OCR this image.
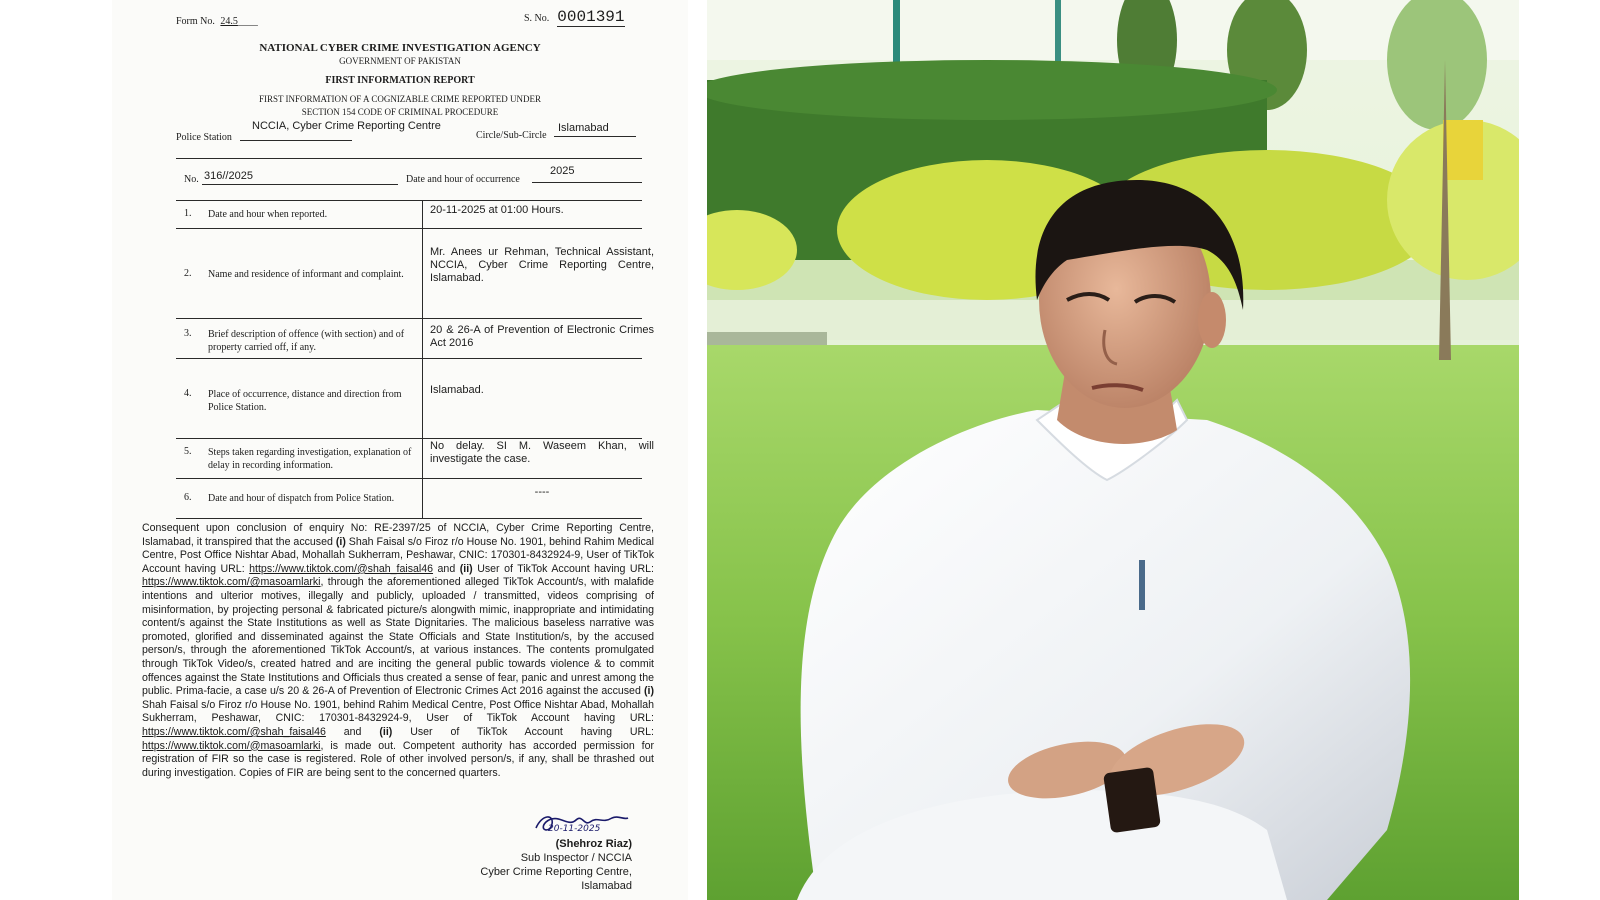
Form No. 24.5____	S. No. 0001391
NATIONAL CYBER CRIME INVESTIGATION AGENCY
GOVERNMENT OF PAKISTAN
FIRST INFORMATION REPORT
FIRST INFORMATION OF A COGNIZABLE CRIME REPORTED UNDER
SECTION 154 CODE OF CRIMINAL PROCEDURE
Police Station
NCCIA, Cyber Crime Reporting Centre
Circle/Sub-Circle
Islamabad
No. 316//2025	Date and hour of occurrence
2025
1. Date and hour when reported.	20-11-2025 at 01:00 Hours.
2. Name and residence of informant and complaint.
Mr. Anees ur Rehman, Technical Assistant, NCCIA, Cyber Crime Reporting Centre, Islamabad.
3. Brief description of offence (with section) and of property carried off, if any.
20 & 26-A of Prevention of Electronic Crimes Act 2016
4. Place of occurrence, distance and direction from Police Station.
Islamabad.
5. Steps taken regarding investigation, explanation of delay in recording information.
No delay. SI M. Waseem Khan, will investigate the case.
6. Date and hour of dispatch from Police Station.
----
Consequent upon conclusion of enquiry No: RE-2397/25 of NCCIA, Cyber Crime Reporting Centre, Islamabad, it transpired that the accused (i) Shah Faisal s/o Firoz r/o House No. 1901, behind Rahim Medical Centre, Post Office Nishtar Abad, Mohallah Sukherram, Peshawar, CNIC: 170301-8432924-9, User of TikTok Account having URL: https://www.tiktok.com/@shah_faisal46 and (ii) User of TikTok Account having URL: https://www.tiktok.com/@masoamlarki, through the aforementioned alleged TikTok Account/s, with malafide intentions and ulterior motives, illegally and publicly, uploaded / transmitted, videos comprising of misinformation, by projecting personal & fabricated picture/s alongwith mimic, inappropriate and intimidating content/s against the State Institutions as well as State Dignitaries. The malicious baseless narrative was promoted, glorified and disseminated against the State Officials and State Institution/s, by the accused person/s, through the aforementioned TikTok Account/s, at various instances. The contents promulgated through TikTok Video/s, created hatred and are inciting the general public towards violence & to commit offences against the State Institutions and Officials thus created a sense of fear, panic and unrest among the public. Prima-facie, a case u/s 20 & 26-A of Prevention of Electronic Crimes Act 2016 against the accused (i) Shah Faisal s/o Firoz r/o House No. 1901, behind Rahim Medical Centre, Post Office Nishtar Abad, Mohallah Sukherram, Peshawar, CNIC: 170301-8432924-9, User of TikTok Account having URL: https://www.tiktok.com/@shah_faisal46 and (ii) User of TikTok Account having URL: https://www.tiktok.com/@masoamlarki, is made out. Competent authority has accorded permission for registration of FIR so the case is registered. Role of other involved person/s, if any, shall be thrashed out during investigation. Copies of FIR are being sent to the concerned quarters.
20-11-2025
(Shehroz Riaz)
Sub Inspector / NCCIA
Cyber Crime Reporting Centre,
Islamabad
